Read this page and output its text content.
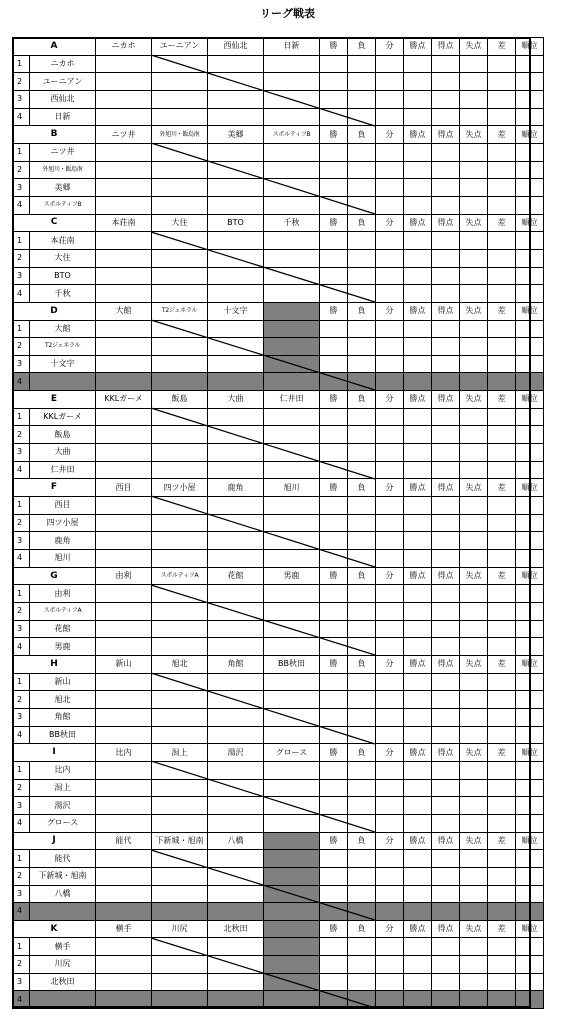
リーグ戦表
A		ニカホ	ユーニアン	西仙北	日新	勝	負	分	勝点	得点	失点	差	順位
1	ニカホ												
2	ユーニアン												
3	西仙北												
4	日新												
B		ニツ井	外旭川・飯島南	美郷	スポルティフB	勝	負	分	勝点	得点	失点	差	順位
1	ニツ井												
2	外旭川・飯島南												
3	美郷												
4	スポルティフB												
C		本荘南	大住	BTO	千秋	勝	負	分	勝点	得点	失点	差	順位
1	本荘南												
2	大住												
3	BTO												
4	千秋												
D		大館	T2ジェネラル	十文字		勝	負	分	勝点	得点	失点	差	順位
1	大館												
2	T2ジェネラル												
3	十文字												
4													
E		KKLガーメ	飯島	大曲	仁井田	勝	負	分	勝点	得点	失点	差	順位
1	KKLガーメ												
2	飯島												
3	大曲												
4	仁井田												
F		西目	四ツ小屋	鹿角	旭川	勝	負	分	勝点	得点	失点	差	順位
1	西目												
2	四ツ小屋												
3	鹿角												
4	旭川												
G		由利	スポルティフA	花館	男鹿	勝	負	分	勝点	得点	失点	差	順位
1	由利												
2	スポルティフA												
3	花館												
4	男鹿												
H		新山	旭北	角館	BB秋田	勝	負	分	勝点	得点	失点	差	順位
1	新山												
2	旭北												
3	角館												
4	BB秋田												
I		比内	潟上	湯沢	グロース	勝	負	分	勝点	得点	失点	差	順位
1	比内												
2	潟上												
3	湯沢												
4	グロース												
J		能代	下新城・旭南	八橋		勝	負	分	勝点	得点	失点	差	順位
1	能代												
2	下新城・旭南												
3	八橋												
4													
K		横手	川尻	北秋田		勝	負	分	勝点	得点	失点	差	順位
1	横手												
2	川尻												
3	北秋田												
4													
